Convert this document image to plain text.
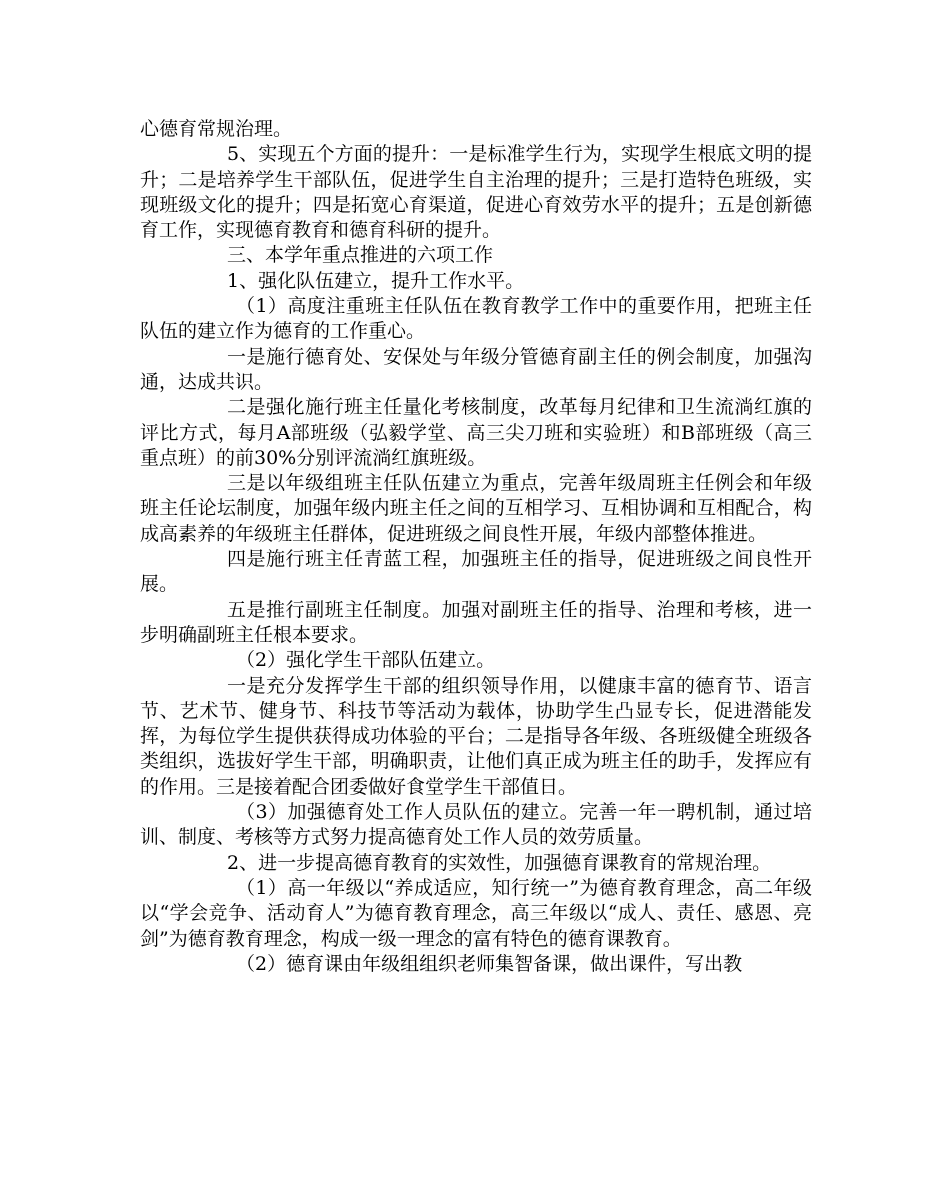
心德育常规治理。

5、实现五个方面的提升：一是标准学生行为，实现学生根底文明的提升；二是培养学生干部队伍，促进学生自主治理的提升；三是打造特色班级，实现班级文化的提升；四是拓宽心育渠道，促进心育效劳水平的提升；五是创新德育工作，实现德育教育和德育科研的提升。

三、本学年重点推进的六项工作

1、强化队伍建立，提升工作水平。

（1）高度注重班主任队伍在教育教学工作中的重要作用，把班主任队伍的建立作为德育的工作重心。

一是施行德育处、安保处与年级分管德育副主任的例会制度，加强沟通，达成共识。

二是强化施行班主任量化考核制度，改革每月纪律和卫生流淌红旗的评比方式，每月A部班级（弘毅学堂、高三尖刀班和实验班）和B部班级（高三重点班）的前30%分别评流淌红旗班级。

三是以年级组班主任队伍建立为重点，完善年级周班主任例会和年级班主任论坛制度，加强年级内班主任之间的互相学习、互相协调和互相配合，构成高素养的年级班主任群体，促进班级之间良性开展，年级内部整体推进。

四是施行班主任青蓝工程，加强班主任的指导，促进班级之间良性开展。

五是推行副班主任制度。加强对副班主任的指导、治理和考核，进一步明确副班主任根本要求。

（2）强化学生干部队伍建立。

一是充分发挥学生干部的组织领导作用，以健康丰富的德育节、语言节、艺术节、健身节、科技节等活动为载体，协助学生凸显专长，促进潜能发挥，为每位学生提供获得成功体验的平台；二是指导各年级、各班级健全班级各类组织，选拔好学生干部，明确职责，让他们真正成为班主任的助手，发挥应有的作用。三是接着配合团委做好食堂学生干部值日。

（3）加强德育处工作人员队伍的建立。完善一年一聘机制，通过培训、制度、考核等方式努力提高德育处工作人员的效劳质量。

2、进一步提高德育教育的实效性，加强德育课教育的常规治理。

（1）高一年级以“养成适应，知行统一”为德育教育理念，高二年级以“学会竞争、活动育人”为德育教育理念，高三年级以“成人、责任、感恩、亮剑”为德育教育理念，构成一级一理念的富有特色的德育课教育。

（2）德育课由年级组组织老师集智备课，做出课件，写出教
